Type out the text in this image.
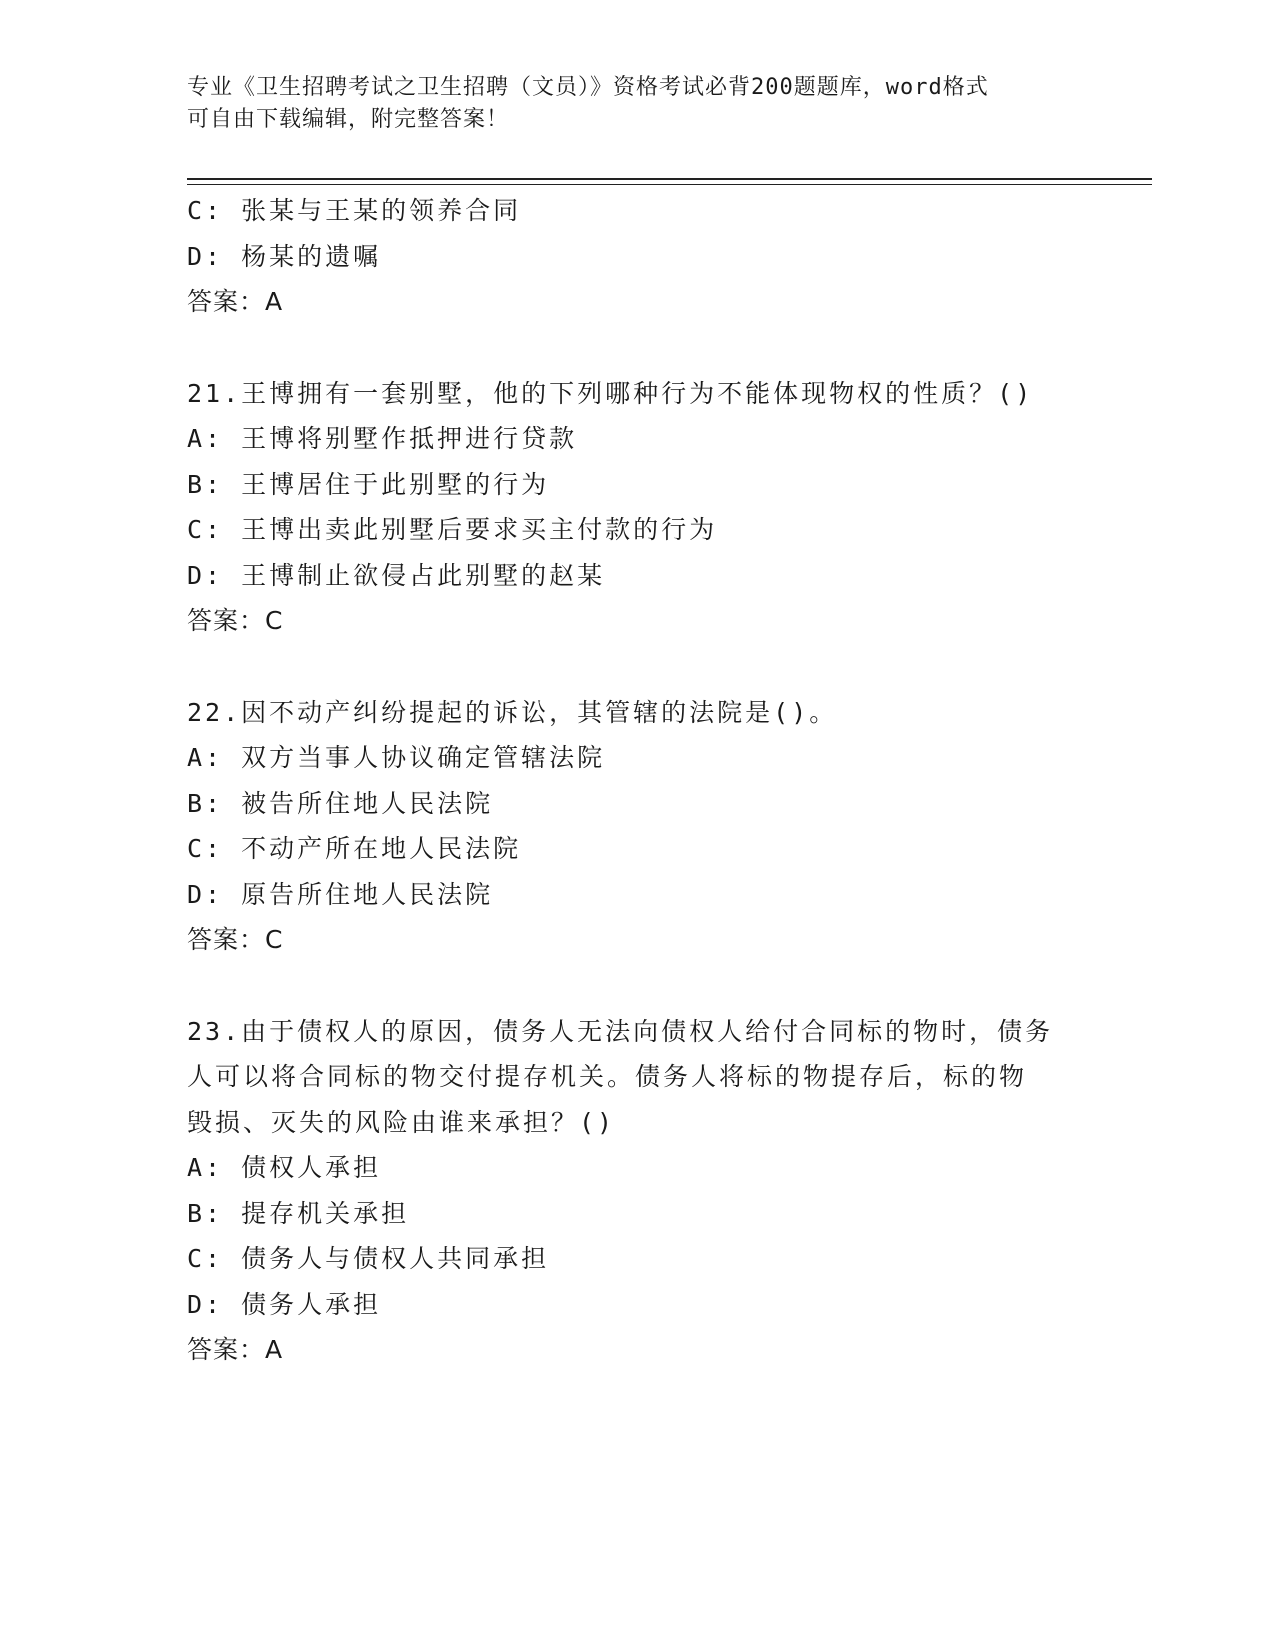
专业《卫生招聘考试之卫生招聘（文员）》资格考试必背200题题库，word格式
可自由下载编辑，附完整答案！
C: 张某与王某的领养合同
D: 杨某的遗嘱
答案：A
21.王博拥有一套别墅，他的下列哪种行为不能体现物权的性质？()
A: 王博将别墅作抵押进行贷款
B: 王博居住于此别墅的行为
C: 王博出卖此别墅后要求买主付款的行为
D: 王博制止欲侵占此别墅的赵某
答案：C
22.因不动产纠纷提起的诉讼，其管辖的法院是()。
A: 双方当事人协议确定管辖法院
B: 被告所住地人民法院
C: 不动产所在地人民法院
D: 原告所住地人民法院
答案：C
23.由于债权人的原因，债务人无法向债权人给付合同标的物时，债务
人可以将合同标的物交付提存机关。债务人将标的物提存后，标的物
毁损、灭失的风险由谁来承担？()
A: 债权人承担
B: 提存机关承担
C: 债务人与债权人共同承担
D: 债务人承担
答案：A
